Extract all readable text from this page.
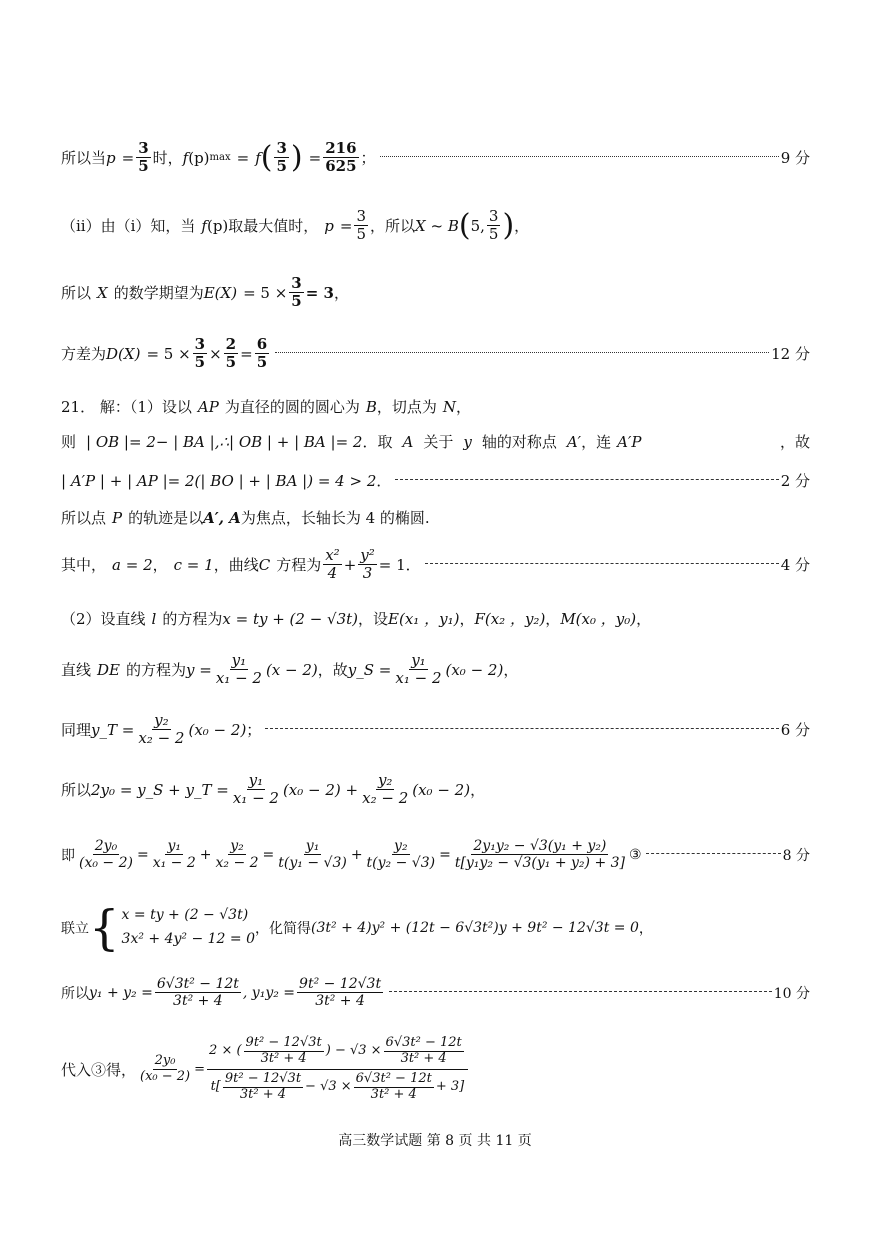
所以当 $p = \frac{3}{5}$ 时， f (p) max = f ( $\frac{3}{5}$ ) = $\frac{216}{625}$ ；	9 分
（ii）由（i）知，当 f (p) 取最大值时， $p = \frac{3}{5}$ ，所以 X ~ B ( 5, $\frac{3}{5}$ ) ，
所以 X 的数学期望为 $E(X) = 5 \times \frac{3}{5} = 3$ ，
方差为 $D(X) = 5 \times \frac{3}{5} \times \frac{2}{5} = \frac{6}{5}$	12 分
21． 解：（1）设以 AP 为直径的圆的圆心为 B ，切点为 N ，
则 | OB |= 2− | BA |,∴| OB | + | BA |= 2 ．取 A 关于 y 轴的对称点 A′ ，连 A′P	，故
| A′P | + | AP |= 2(| BO | + | BA |) = 4 > 2 ．	2 分
所以点 P 的轨迹是以 A′, A 为焦点，长轴长为 4 的椭圆.
其中， a = 2 ， c = 1 ，曲线 C 方程为 $\frac{\text{x²}}{4} + \frac{\text{y²}}{3} = 1$ ．	4 分
（2）设直线 l 的方程为 x = ty + (2 − √3t) ，设 E(x₁ ，y₁) ， F(x₂ ，y₂) ， M(x₀ ，y₀) ，
直线 DE 的方程为 $y = \frac{\text{y₁}}{\text{x₁ − 2}} (x - 2)$ ，故 y_S = $\frac{\text{y₁}}{\text{x₁ − 2}} (x_0 - 2)$ ，
同理 y_T = $\frac{\text{y₂}}{\text{x₂ − 2}} (x_0 - 2)$ ；	6 分
所以 2y₀ = y_S + y_T = $\frac{\text{y₁}}{\text{x₁ − 2}} (x_0 - 2) + \frac{\text{y₂}}{\text{x₂ − 2}} (x_0 - 2)$ ，
即 $\frac{\text{2y₀}}{\text{(x₀ − 2)}} = \frac{\text{y₁}}{\text{x₁ − 2}} + \frac{\text{y₂}}{\text{x₂ − 2}} = \frac{\text{y₁}}{\text{t(y₁ − √3)}} + \frac{\text{y₂}}{\text{t(y₂ − √3)}} = \frac{\text{2y₁y₂ − √3(y₁ + y₂)}}{\text{t[y₁y₂ − √3(y₁ + y₂) + 3]}}$ ③	8 分
联立 { x = ty + (2 − √3t)
3x² + 4y² − 12 = 0
，化简得 (3t² + 4)y² + (12t − 6√3t²)y + 9t² − 12√3t = 0 ，
所以 $y_1 + y_2 = \frac{\text{6√3t² − 12t}}{\text{3t² + 4}}$ , $y_1y_2 = \frac{\text{9t² − 12√3t}}{\text{3t² + 4}}$	10 分
代入③得， $\frac{\text{2y₀}}{\text{(x₀ − 2)}}$ =
2 × ( $\frac{\text{9t² − 12√3t}}{\text{3t² + 4}}$ ) − $√3 \times \frac{\text{6√3t² − 12t}}{\text{3t² + 4}}$
$t[ \frac{\text{9t² − 12√3t}}{\text{3t² + 4}} - √3 \times \frac{\text{6√3t² − 12t}}{\text{3t² + 4}} + 3]$
高三数学试题 第 8 页 共 11 页
